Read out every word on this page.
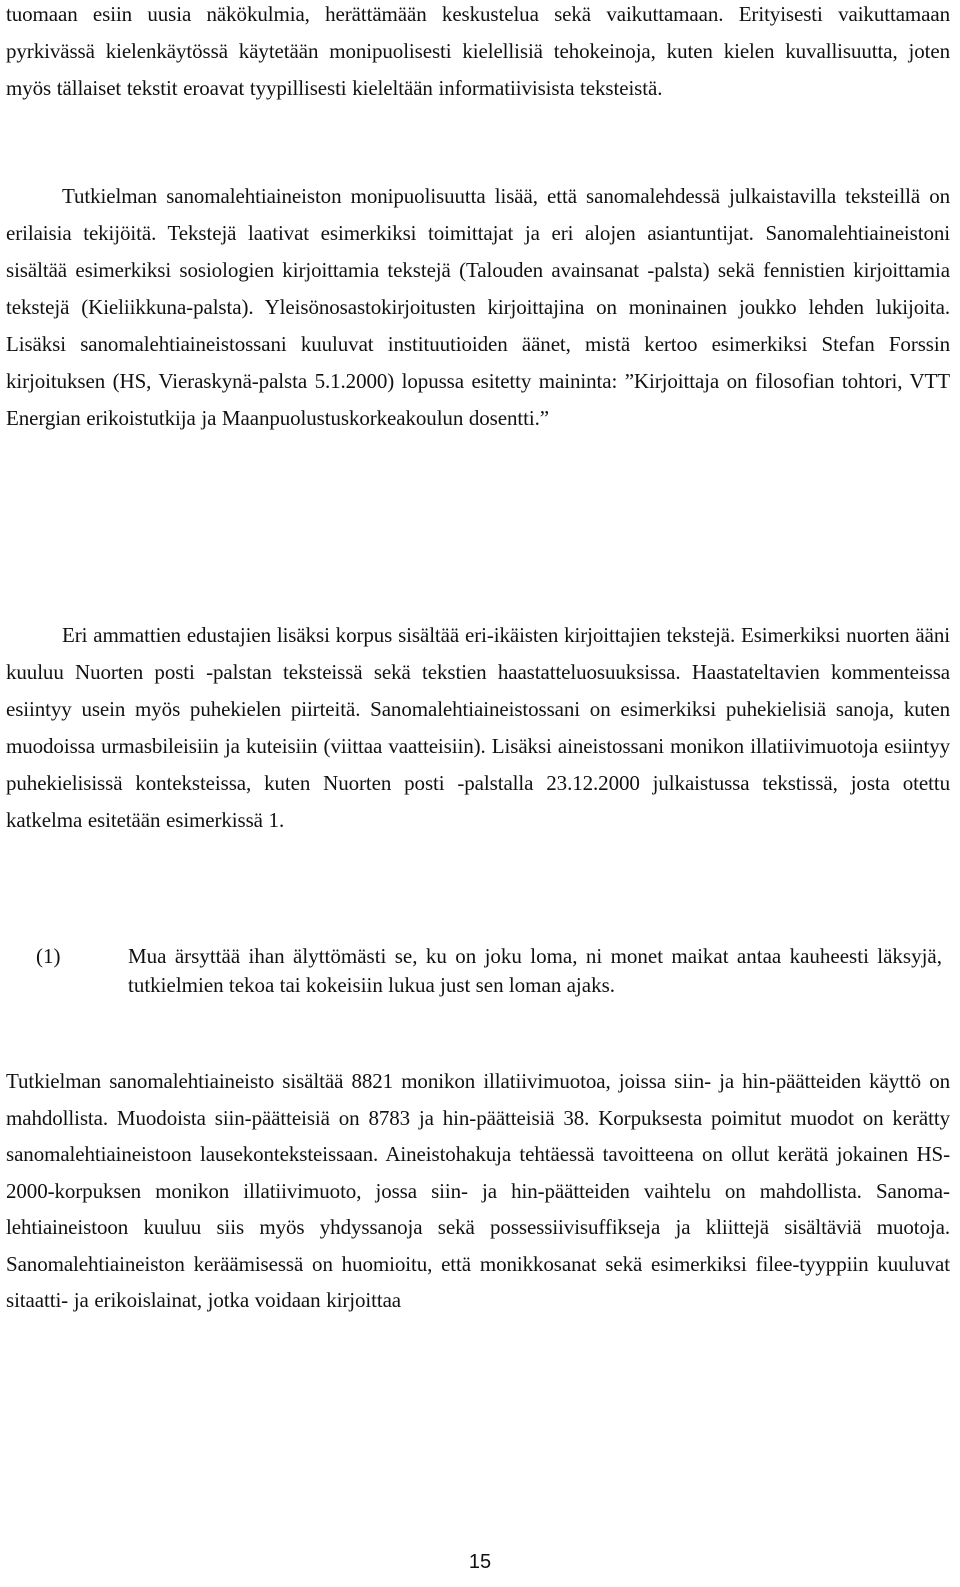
tuomaan esiin uusia näkökulmia, herättämään keskustelua sekä vaikuttamaan. Erityisesti vaikuttamaan pyrkivässä kielenkäytössä käytetään monipuolisesti kielellisiä tehokeinoja, kuten kielen kuvallisuutta, joten myös tällaiset tekstit eroavat tyypillisesti kieleltään informatiivisista teksteistä.

Tutkielman sanomalehtiaineiston monipuolisuutta lisää, että sanomalehdessä julkaistavilla teksteillä on erilaisia tekijöitä. Tekstejä laativat esimerkiksi toimittajat ja eri alojen asiantuntijat. Sanomalehtiaineistoni sisältää esimerkiksi sosiologien kirjoittamia tekstejä (Talouden avainsanat -palsta) sekä fennistien kirjoittamia tekstejä (Kieliikkuna-palsta). Yleisönosastokirjoitusten kirjoittajina on moninainen joukko lehden lukijoita. Lisäksi sanomalehtiaineistossani kuuluvat instituutioiden äänet, mistä kertoo esimerkiksi Stefan Forssin kirjoituksen (HS, Vieraskynä-palsta 5.1.2000) lopussa esitetty maininta: ”Kirjoittaja on filosofian tohtori, VTT Energian erikoistutkija ja Maanpuolustuskorkeakoulun dosentti.”

Eri ammattien edustajien lisäksi korpus sisältää eri-ikäisten kirjoittajien tekstejä. Esimerkiksi nuorten ääni kuuluu Nuorten posti -palstan teksteissä sekä tekstien haastatteluosuuksissa. Haastateltavien kommenteissa esiintyy usein myös puhekielen piirteitä. Sanomalehtiaineistossani on esimerkiksi puhekielisiä sanoja, kuten muodoissa urmasbileisiin ja kuteisiin (viittaa vaatteisiin). Lisäksi aineistossani monikon illatiivimuotoja esiintyy puhekielisissä konteksteissa, kuten Nuorten posti -palstalla 23.12.2000 julkaistussa tekstissä, josta otettu katkelma esitetään esimerkissä 1.

(1)	Mua ärsyttää ihan älyttömästi se, ku on joku loma, ni monet maikat antaa kauheesti läksyjä, tutkielmien tekoa tai kokeisiin lukua just sen loman ajaks.

Tutkielman sanomalehtiaineisto sisältää 8821 monikon illatiivimuotoa, joissa siin- ja hin-päätteiden käyttö on mahdollista. Muodoista siin-päätteisiä on 8783 ja hin-päätteisiä 38. Korpuksesta poimitut muodot on kerätty sanomalehtiaineistoon lausekonteksteissaan. Aineistohakuja tehtäessä tavoitteena on ollut kerätä jokainen HS-2000-korpuksen monikon illatiivimuoto, jossa siin- ja hin-päätteiden vaihtelu on mahdollista. Sanomalehtiaineistoon kuuluu siis myös yhdyssanoja sekä possessiivisuffikseja ja kliittejä sisältäviä muotoja. Sanomalehtiaineiston keräämisessä on huomioitu, että monikkosanat sekä esimerkiksi filee-tyyppiin kuuluvat sitaatti- ja erikoislainat, jotka voidaan kirjoittaa

15
